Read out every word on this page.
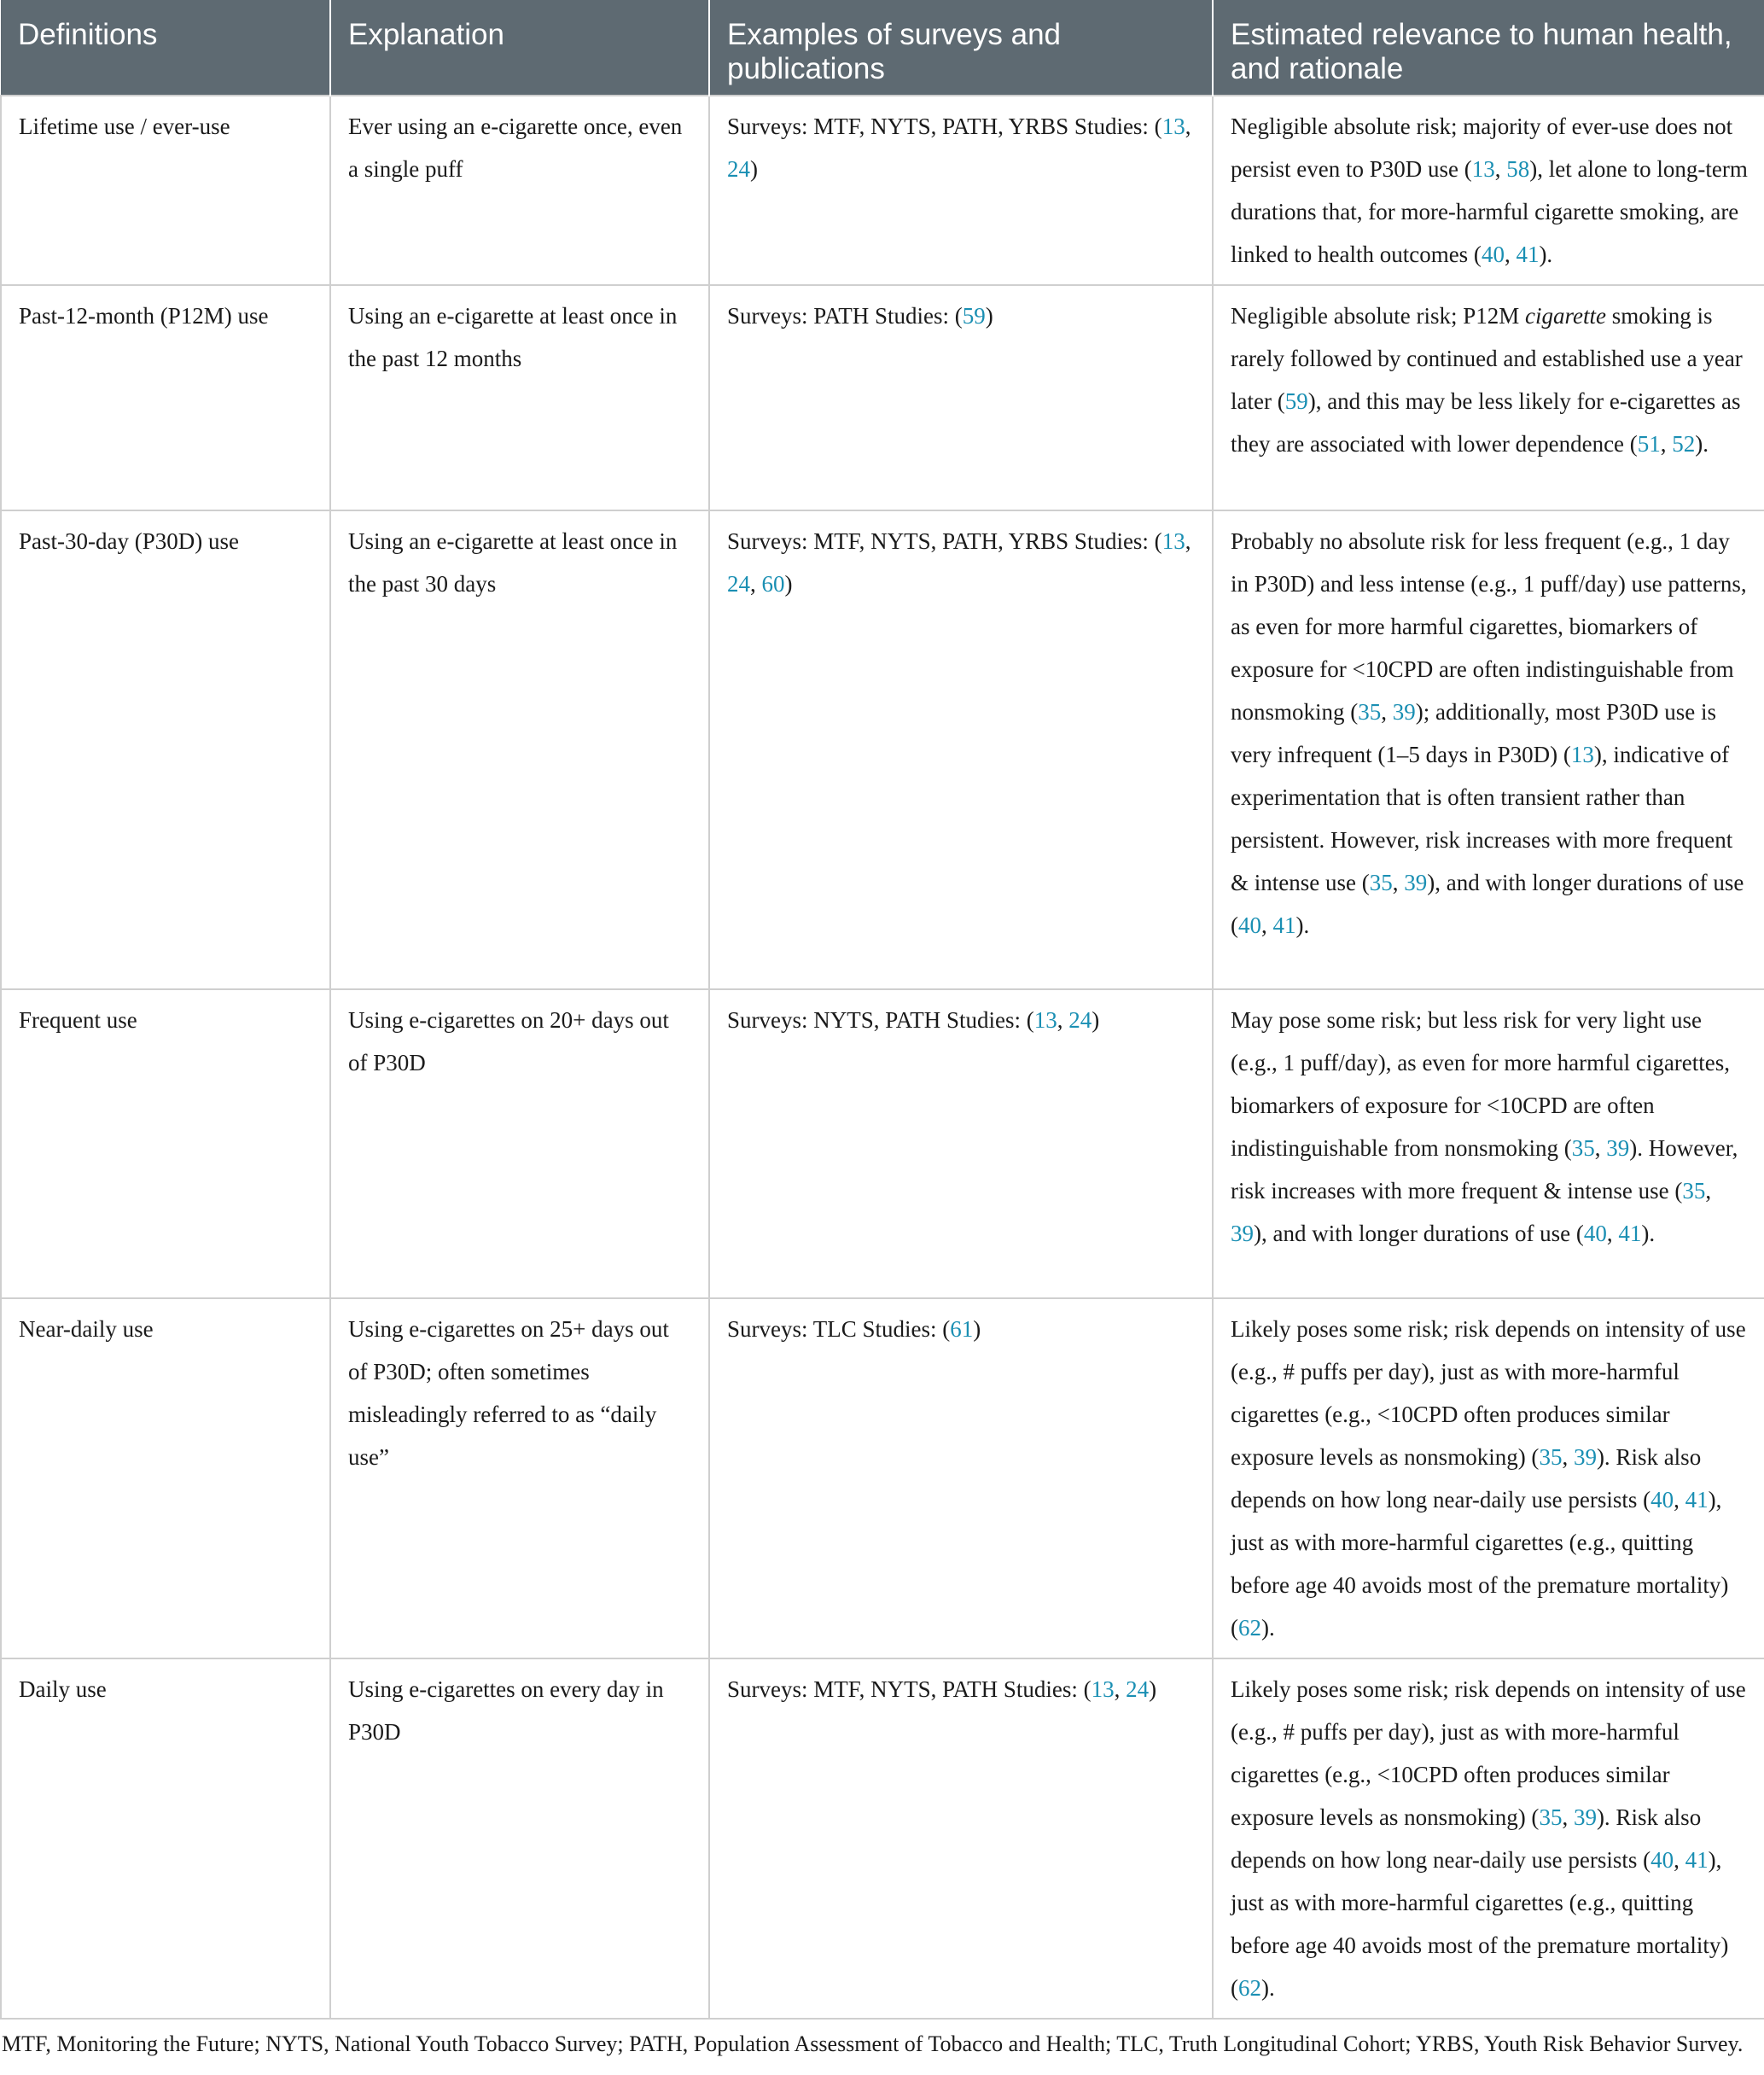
Definitions	Explanation	Examples of surveys and publications	Estimated relevance to human health, and rationale
Lifetime use / ever-use	Ever using an e-cigarette once, even a single puff	Surveys: MTF, NYTS, PATH, YRBS Studies: (13, 24)	Negligible absolute risk; majority of ever-use does not persist even to P30D use (13, 58), let alone to long-term durations that, for more-harmful cigarette smoking, are linked to health outcomes (40, 41).
Past-12-month (P12M) use	Using an e-cigarette at least once in the past 12 months	Surveys: PATH Studies: (59)	Negligible absolute risk; P12M cigarette smoking is rarely followed by continued and established use a year later (59), and this may be less likely for e-cigarettes as they are associated with lower dependence (51, 52).
Past-30-day (P30D) use	Using an e-cigarette at least once in the past 30 days	Surveys: MTF, NYTS, PATH, YRBS Studies: (13, 24, 60)	Probably no absolute risk for less frequent (e.g., 1 day in P30D) and less intense (e.g., 1 puff/day) use patterns, as even for more harmful cigarettes, biomarkers of exposure for <10CPD are often indistinguishable from nonsmoking (35, 39); additionally, most P30D use is very infrequent (1–5 days in P30D) (13), indicative of experimentation that is often transient rather than persistent. However, risk increases with more frequent & intense use (35, 39), and with longer durations of use (40, 41).
Frequent use	Using e-cigarettes on 20+ days out of P30D	Surveys: NYTS, PATH Studies: (13, 24)	May pose some risk; but less risk for very light use (e.g., 1 puff/day), as even for more harmful cigarettes, biomarkers of exposure for <10CPD are often indistinguishable from nonsmoking (35, 39). However, risk increases with more frequent & intense use (35, 39), and with longer durations of use (40, 41).
Near-daily use	Using e-cigarettes on 25+ days out of P30D; often sometimes misleadingly referred to as “daily use”	Surveys: TLC Studies: (61)	Likely poses some risk; risk depends on intensity of use (e.g., # puffs per day), just as with more-harmful cigarettes (e.g., <10CPD often produces similar exposure levels as nonsmoking) (35, 39). Risk also depends on how long near-daily use persists (40, 41), just as with more-harmful cigarettes (e.g., quitting before age 40 avoids most of the premature mortality) (62).
Daily use	Using e-cigarettes on every day in P30D	Surveys: MTF, NYTS, PATH Studies: (13, 24)	Likely poses some risk; risk depends on intensity of use (e.g., # puffs per day), just as with more-harmful cigarettes (e.g., <10CPD often produces similar exposure levels as nonsmoking) (35, 39). Risk also depends on how long near-daily use persists (40, 41), just as with more-harmful cigarettes (e.g., quitting before age 40 avoids most of the premature mortality) (62).
MTF, Monitoring the Future; NYTS, National Youth Tobacco Survey; PATH, Population Assessment of Tobacco and Health; TLC, Truth Longitudinal Cohort; YRBS, Youth Risk Behavior Survey.
